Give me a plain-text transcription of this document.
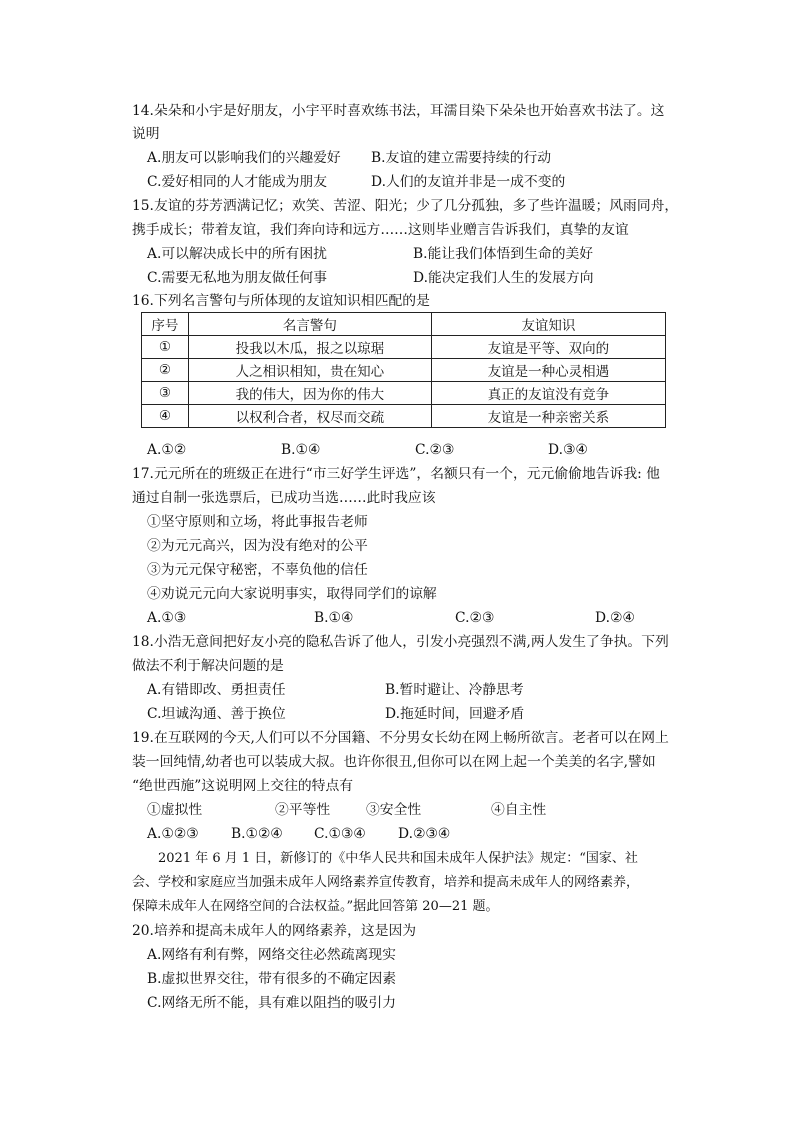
14.朵朵和小宇是好朋友，小宇平时喜欢练书法，耳濡目染下朵朵也开始喜欢书法了。这
说明
A.朋友可以影响我们的兴趣爱好 B.友谊的建立需要持续的行动
C.爱好相同的人才能成为朋友	D.人们的友谊并非是一成不变的
15.友谊的芬芳洒满记忆；欢笑、苦涩、阳光；少了几分孤独，多了些许温暖；风雨同舟，
携手成长；带着友谊，我们奔向诗和远方……这则毕业赠言告诉我们，真挚的友谊
A.可以解决成长中的所有困扰	B.能让我们体悟到生命的美好
C.需要无私地为朋友做任何事	D.能决定我们人生的发展方向
16.下列名言警句与所体现的友谊知识相匹配的是
序号	名言警句	友谊知识
①	投我以木瓜，报之以琼琚	友谊是平等、双向的
②	人之相识相知，贵在知心	友谊是一种心灵相遇
③	我的伟大，因为你的伟大	真正的友谊没有竞争
④	以权利合者，权尽而交疏	友谊是一种亲密关系
A.①②	B.①④	C.②③	D.③④
17.元元所在的班级正在进行“市三好学生评选”，名额只有一个，元元偷偷地告诉我: 他
通过自制一张选票后，已成功当选……此时我应该
①坚守原则和立场，将此事报告老师
②为元元高兴，因为没有绝对的公平
③为元元保守秘密，不辜负他的信任
④劝说元元向大家说明事实，取得同学们的谅解
A.①③	B.①④	C.②③	D.②④
18.小浩无意间把好友小亮的隐私告诉了他人，引发小亮强烈不满,两人发生了争执。下列
做法不利于解决问题的是
A.有错即改、勇担责任	B.暂时避让、冷静思考
C.坦诚沟通、善于换位	D.拖延时间，回避矛盾
19.在互联网的今天,人们可以不分国籍、不分男女长幼在网上畅所欲言。老者可以在网上
装一回纯情,幼者也可以装成大叔。也许你很丑,但你可以在网上起一个美美的名字,譬如
“绝世西施”这说明网上交往的特点有
①虚拟性	②平等性	③安全性	④自主性
A.①②③ B.①②④ C.①③④ D.②③④
2021 年 6 月 1 日，新修订的《中华人民共和国未成年人保护法》规定：“国家、社
会、学校和家庭应当加强未成年人网络素养宣传教育，培养和提高未成年人的网络素养，
保障未成年人在网络空间的合法权益。”据此回答第 20—21 题。
20.培养和提高未成年人的网络素养，这是因为
A.网络有利有弊，网络交往必然疏离现实
B.虚拟世界交往，带有很多的不确定因素
C.网络无所不能，具有难以阻挡的吸引力
